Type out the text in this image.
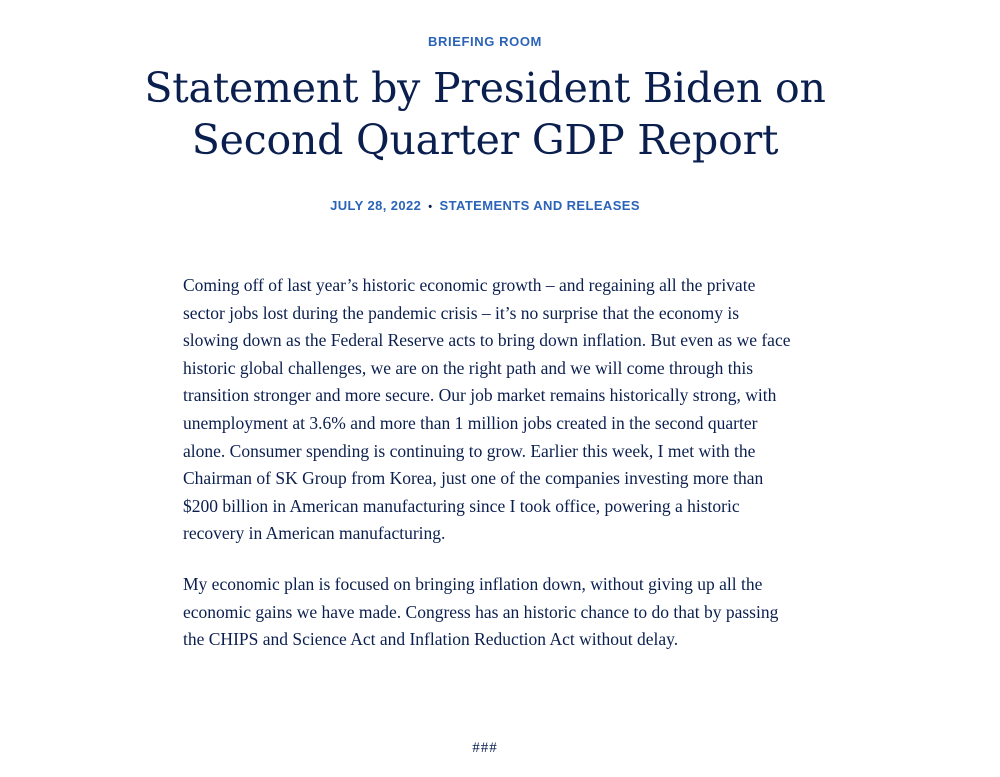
BRIEFING ROOM
Statement by President Biden on
Second Quarter GDP Report
JULY 28, 2022 • STATEMENTS AND RELEASES

Coming off of last year’s historic economic growth – and regaining all the private sector jobs lost during the pandemic crisis – it’s no surprise that the economy is slowing down as the Federal Reserve acts to bring down inflation. But even as we face historic global challenges, we are on the right path and we will come through this transition stronger and more secure. Our job market remains historically strong, with unemployment at 3.6% and more than 1 million jobs created in the second quarter alone. Consumer spending is continuing to grow. Earlier this week, I met with the Chairman of SK Group from Korea, just one of the companies investing more than $200 billion in American manufacturing since I took office, powering a historic recovery in American manufacturing.

My economic plan is focused on bringing inflation down, without giving up all the economic gains we have made. Congress has an historic chance to do that by passing the CHIPS and Science Act and Inflation Reduction Act without delay.

###
